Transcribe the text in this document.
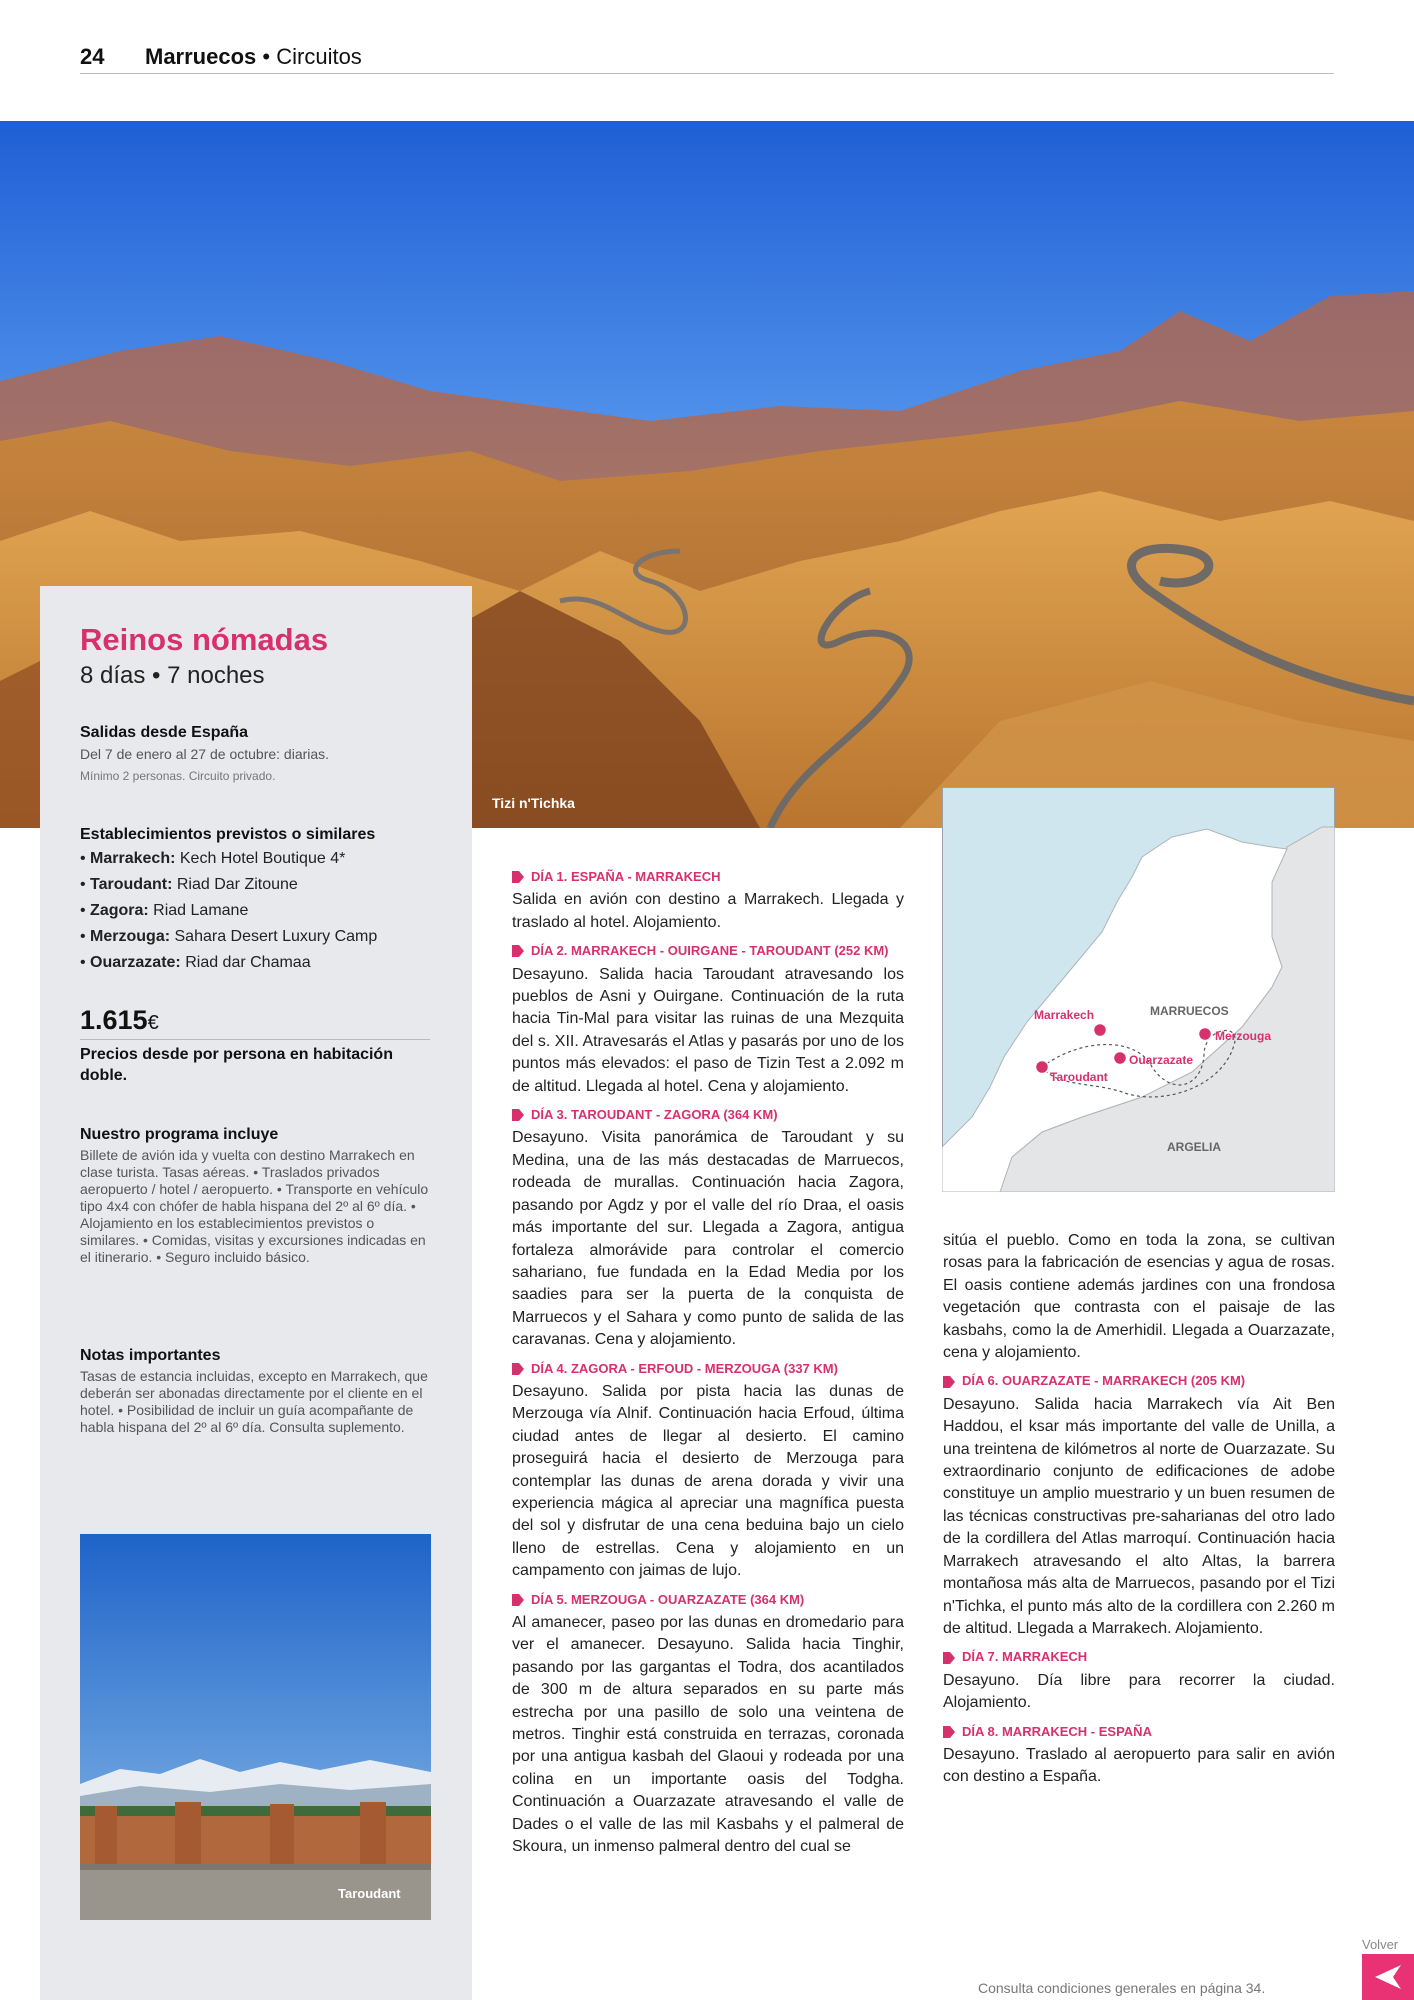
24 Marruecos • Circuitos
Tizi n'Tichka
Reinos nómadas
8 días • 7 noches
Salidas desde España
Del 7 de enero al 27 de octubre: diarias.
Mínimo 2 personas. Circuito privado.
Establecimientos previstos o similares
• Marrakech: Kech Hotel Boutique 4*
• Taroudant: Riad Dar Zitoune
• Zagora: Riad Lamane
• Merzouga: Sahara Desert Luxury Camp
• Ouarzazate: Riad dar Chamaa
1.615€
Precios desde por persona en habitación doble.
Nuestro programa incluye
Billete de avión ida y vuelta con destino Marrakech en clase turista. Tasas aéreas. • Traslados privados aeropuerto / hotel / aeropuerto. • Transporte en vehículo tipo 4x4 con chófer de habla hispana del 2º al 6º día. • Alojamiento en los establecimientos previstos o similares. • Comidas, visitas y excursiones indicadas en el itinerario. • Seguro incluido básico.
Notas importantes
Tasas de estancia incluidas, excepto en Marrakech, que deberán ser abonadas directamente por el cliente en el hotel. • Posibilidad de incluir un guía acompañante de habla hispana del 2º al 6º día. Consulta suplemento.
Taroudant
DÍA 1. ESPAÑA - MARRAKECH

Salida en avión con destino a Marrakech. Llegada y traslado al hotel. Alojamiento.

DÍA 2. MARRAKECH - OUIRGANE - TAROUDANT (252 KM)

Desayuno. Salida hacia Taroudant atravesando los pueblos de Asni y Ouirgane. Continuación de la ruta hacia Tin-Mal para visitar las ruinas de una Mezquita del s. XII. Atravesarás el Atlas y pasarás por uno de los puntos más elevados: el paso de Tizin Test a 2.092 m de altitud. Llegada al hotel. Cena y alojamiento.

DÍA 3. TAROUDANT - ZAGORA (364 KM)

Desayuno. Visita panorámica de Taroudant y su Medina, una de las más destacadas de Marruecos, rodeada de murallas. Continuación hacia Zagora, pasando por Agdz y por el valle del río Draa, el oasis más importante del sur. Llegada a Zagora, antigua fortaleza almorávide para controlar el comercio sahariano, fue fundada en la Edad Media por los saadies para ser la puerta de la conquista de Marruecos y el Sahara y como punto de salida de las caravanas. Cena y alojamiento.

DÍA 4. ZAGORA - ERFOUD - MERZOUGA (337 KM)

Desayuno. Salida por pista hacia las dunas de Merzouga vía Alnif. Continuación hacia Erfoud, última ciudad antes de llegar al desierto. El camino proseguirá hacia el desierto de Merzouga para contemplar las dunas de arena dorada y vivir una experiencia mágica al apreciar una magnífica puesta del sol y disfrutar de una cena beduina bajo un cielo lleno de estrellas. Cena y alojamiento en un campamento con jaimas de lujo.

DÍA 5. MERZOUGA - OUARZAZATE (364 KM)

Al amanecer, paseo por las dunas en dromedario para ver el amanecer. Desayuno. Salida hacia Tinghir, pasando por las gargantas el Todra, dos acantilados de 300 m de altura separados en su parte más estrecha por una pasillo de solo una veintena de metros. Tinghir está construida en terrazas, coronada por una antigua kasbah del Glaoui y rodeada por una colina en un importante oasis del Todgha. Continuación a Ouarzazate atravesando el valle de Dades o el valle de las mil Kasbahs y el palmeral de Skoura, un inmenso palmeral dentro del cual se

MARRUECOS
ARGELIA
Marrakech
Merzouga
Ouarzazate
Taroudant

sitúa el pueblo. Como en toda la zona, se cultivan rosas para la fabricación de esencias y agua de rosas. El oasis contiene además jardines con una frondosa vegetación que contrasta con el paisaje de las kasbahs, como la de Amerhidil. Llegada a Ouarzazate, cena y alojamiento.

DÍA 6. OUARZAZATE - MARRAKECH (205 KM)

Desayuno. Salida hacia Marrakech vía Ait Ben Haddou, el ksar más importante del valle de Unilla, a una treintena de kilómetros al norte de Ouarzazate. Su extraordinario conjunto de edificaciones de adobe constituye un amplio muestrario y un buen resumen de las técnicas constructivas pre-saharianas del otro lado de la cordillera del Atlas marroquí. Continuación hacia Marrakech atravesando el alto Altas, la barrera montañosa más alta de Marruecos, pasando por el Tizi n'Tichka, el punto más alto de la cordillera con 2.260 m de altitud. Llegada a Marrakech. Alojamiento.

DÍA 7. MARRAKECH

Desayuno. Día libre para recorrer la ciudad. Alojamiento.

DÍA 8. MARRAKECH - ESPAÑA

Desayuno. Traslado al aeropuerto para salir en avión con destino a España.

Consulta condiciones generales en página 34.
Volver
